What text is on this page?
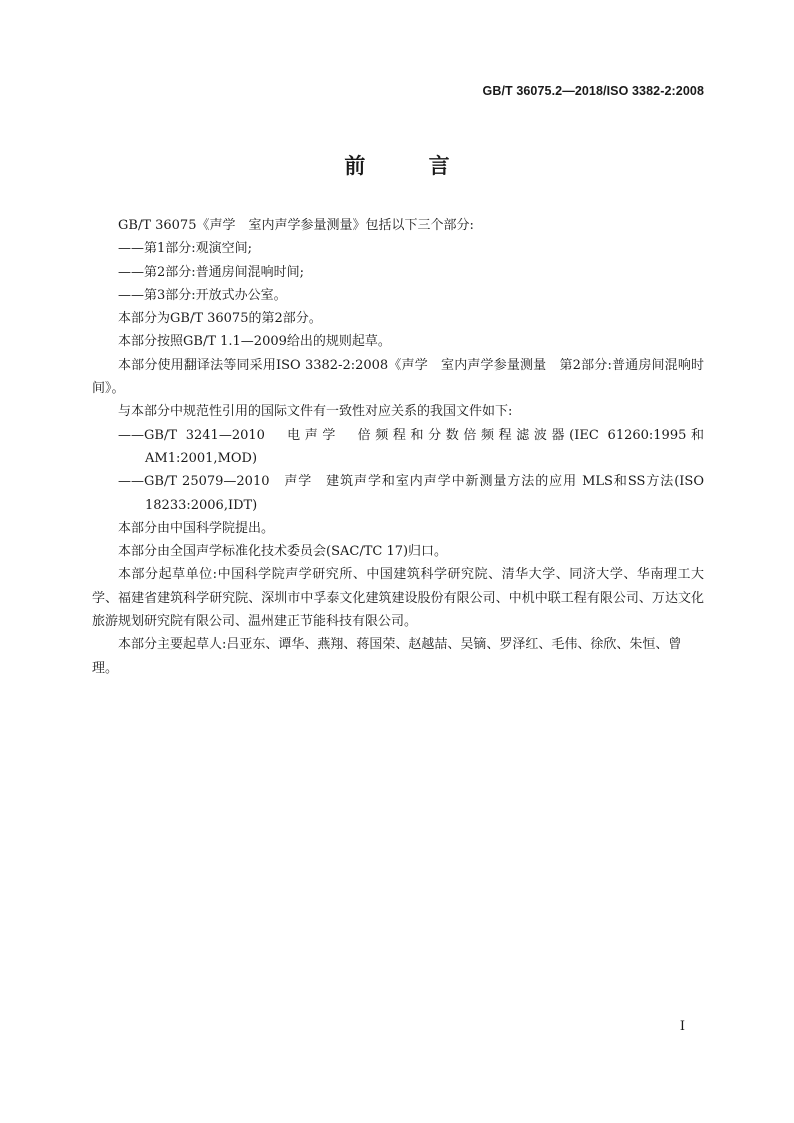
GB/T 36075.2—2018/ISO 3382-2:2008
前 言

GB/T 36075《声学　室内声学参量测量》包括以下三个部分:

——第1部分:观演空间;

——第2部分:普通房间混响时间;

——第3部分:开放式办公室。

本部分为GB/T 36075的第2部分。

本部分按照GB/T 1.1—2009给出的规则起草。

本部分使用翻译法等同采用ISO 3382-2:2008《声学　室内声学参量测量　第2部分:普通房间混响时间》。

与本部分中规范性引用的国际文件有一致性对应关系的我国文件如下:

——GB/T 3241—2010　电声学　倍频程和分数倍频程滤波器(IEC 61260:1995和AM1:2001,MOD)

——GB/T 25079—2010　声学　建筑声学和室内声学中新测量方法的应用 MLS和SS方法(ISO 18233:2006,IDT)

本部分由中国科学院提出。

本部分由全国声学标准化技术委员会(SAC/TC 17)归口。

本部分起草单位:中国科学院声学研究所、中国建筑科学研究院、清华大学、同济大学、华南理工大学、福建省建筑科学研究院、深圳市中孚泰文化建筑建设股份有限公司、中机中联工程有限公司、万达文化旅游规划研究院有限公司、温州建正节能科技有限公司。

本部分主要起草人:吕亚东、谭华、燕翔、蒋国荣、赵越喆、吴镝、罗泽红、毛伟、徐欣、朱恒、曾理。

I
